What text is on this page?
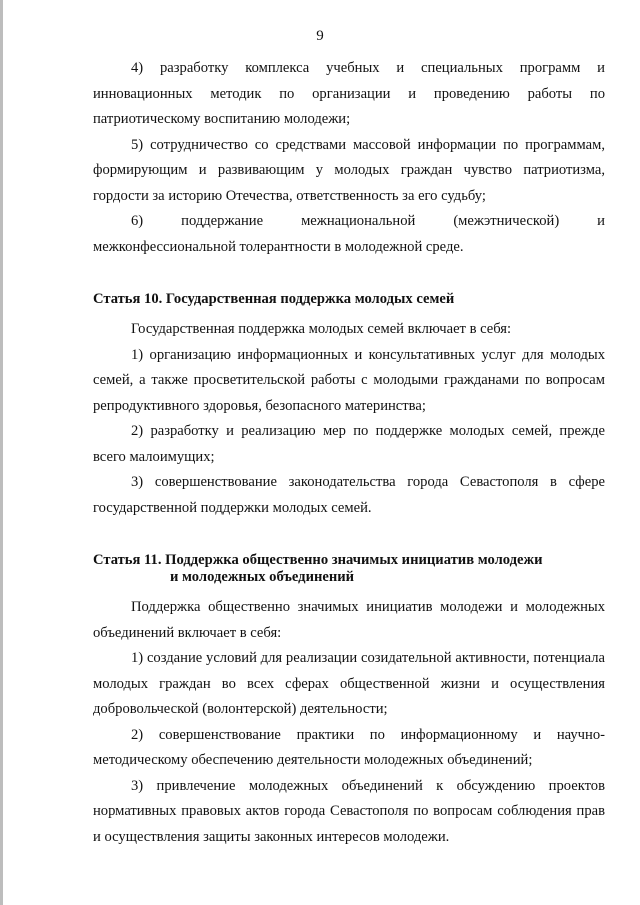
9

4) разработку комплекса учебных и специальных программ и инновационных методик по организации и проведению работы по патриотическому воспитанию молодежи;

5) сотрудничество со средствами массовой информации по программам, формирующим и развивающим у молодых граждан чувство патриотизма, гордости за историю Отечества, ответственность за его судьбу;

6) поддержание межнациональной (межэтнической) и межконфессиональной толерантности в молодежной среде.

Статья 10. Государственная поддержка молодых семей

Государственная поддержка молодых семей включает в себя:

1) организацию информационных и консультативных услуг для молодых семей, а также просветительской работы с молодыми гражданами по вопросам репродуктивного здоровья, безопасного материнства;

2) разработку и реализацию мер по поддержке молодых семей, прежде всего малоимущих;

3) совершенствование законодательства города Севастополя в сфере государственной поддержки молодых семей.

Статья 11. Поддержка общественно значимых инициатив молодежи
и молодежных объединений

Поддержка общественно значимых инициатив молодежи и молодежных объединений включает в себя:

1) создание условий для реализации созидательной активности, потенциала молодых граждан во всех сферах общественной жизни и осуществления добровольческой (волонтерской) деятельности;

2) совершенствование практики по информационному и научно-методическому обеспечению деятельности молодежных объединений;

3) привлечение молодежных объединений к обсуждению проектов нормативных правовых актов города Севастополя по вопросам соблюдения прав и осуществления защиты законных интересов молодежи.
